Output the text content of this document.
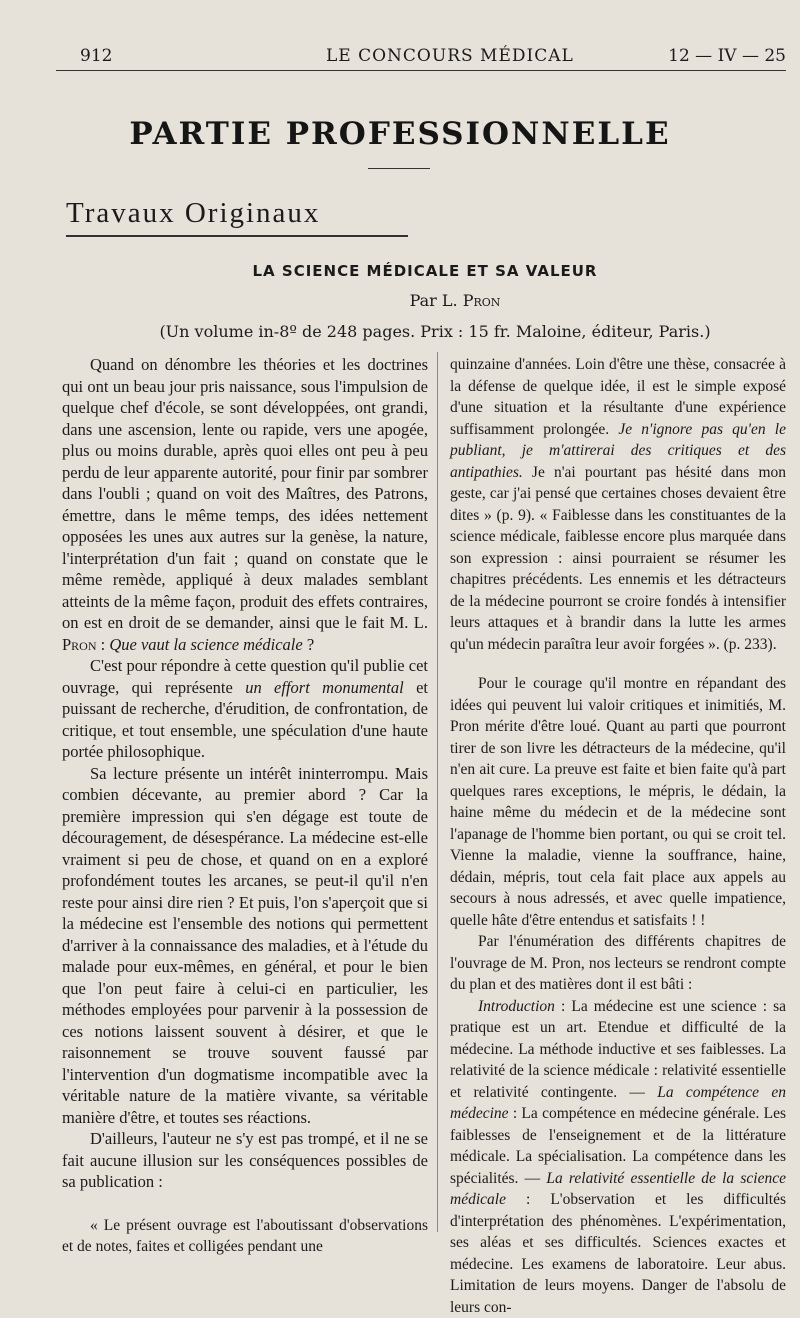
912	LE CONCOURS MÉDICAL	12 — IV — 25
PARTIE PROFESSIONNELLE
Travaux Originaux
LA SCIENCE MÉDICALE ET SA VALEUR
Par L. Pron
(Un volume in-8º de 248 pages. Prix : 15 fr. Maloine, éditeur, Paris.)

Quand on dénombre les théories et les doctrines qui ont un beau jour pris naissance, sous l'impulsion de quelque chef d'école, se sont développées, ont grandi, dans une ascension, lente ou rapide, vers une apogée, plus ou moins durable, après quoi elles ont peu à peu perdu de leur apparente autorité, pour finir par sombrer dans l'oubli ; quand on voit des Maîtres, des Patrons, émettre, dans le même temps, des idées nettement opposées les unes aux autres sur la genèse, la nature, l'interprétation d'un fait ; quand on constate que le même remède, appliqué à deux malades semblant atteints de la même façon, produit des effets contraires, on est en droit de se demander, ainsi que le fait M. L. Pron : Que vaut la science médicale ?

C'est pour répondre à cette question qu'il publie cet ouvrage, qui représente un effort monumental et puissant de recherche, d'érudition, de confrontation, de critique, et tout ensemble, une spéculation d'une haute portée philosophique.

Sa lecture présente un intérêt ininterrompu. Mais combien décevante, au premier abord ? Car la première impression qui s'en dégage est toute de découragement, de désespérance. La médecine est-elle vraiment si peu de chose, et quand on en a exploré profondément toutes les arcanes, se peut-il qu'il n'en reste pour ainsi dire rien ? Et puis, l'on s'aperçoit que si la médecine est l'ensemble des notions qui permettent d'arriver à la connaissance des maladies, et à l'étude du malade pour eux-mêmes, en général, et pour le bien que l'on peut faire à celui-ci en particulier, les méthodes employées pour parvenir à la possession de ces notions laissent souvent à désirer, et que le raisonnement se trouve souvent faussé par l'intervention d'un dogmatisme incompatible avec la véritable nature de la matière vivante, sa véritable manière d'être, et toutes ses réactions.

D'ailleurs, l'auteur ne s'y est pas trompé, et il ne se fait aucune illusion sur les conséquences possibles de sa publication :

« Le présent ouvrage est l'aboutissant d'observations et de notes, faites et colligées pendant une

quinzaine d'années. Loin d'être une thèse, consacrée à la défense de quelque idée, il est le simple exposé d'une situation et la résultante d'une expérience suffisamment prolongée. Je n'ignore pas qu'en le publiant, je m'attirerai des critiques et des antipathies. Je n'ai pourtant pas hésité dans mon geste, car j'ai pensé que certaines choses devaient être dites » (p. 9). « Faiblesse dans les constituantes de la science médicale, faiblesse encore plus marquée dans son expression : ainsi pourraient se résumer les chapitres précédents. Les ennemis et les détracteurs de la médecine pourront se croire fondés à intensifier leurs attaques et à brandir dans la lutte les armes qu'un médecin paraîtra leur avoir forgées ». (p. 233).

Pour le courage qu'il montre en répandant des idées qui peuvent lui valoir critiques et inimitiés, M. Pron mérite d'être loué. Quant au parti que pourront tirer de son livre les détracteurs de la médecine, qu'il n'en ait cure. La preuve est faite et bien faite qu'à part quelques rares exceptions, le mépris, le dédain, la haine même du médecin et de la médecine sont l'apanage de l'homme bien portant, ou qui se croit tel. Vienne la maladie, vienne la souffrance, haine, dédain, mépris, tout cela fait place aux appels au secours à nous adressés, et avec quelle impatience, quelle hâte d'être entendus et satisfaits ! !

Par l'énumération des différents chapitres de l'ouvrage de M. Pron, nos lecteurs se rendront compte du plan et des matières dont il est bâti :

Introduction : La médecine est une science : sa pratique est un art. Etendue et difficulté de la médecine. La méthode inductive et ses faiblesses. La relativité de la science médicale : relativité essentielle et relativité contingente. — La compétence en médecine : La compétence en médecine générale. Les faiblesses de l'enseignement et de la littérature médicale. La spécialisation. La compétence dans les spécialités. — La relativité essentielle de la science médicale : L'observation et les difficultés d'interprétation des phénomènes. L'expérimentation, ses aléas et ses difficultés. Sciences exactes et médecine. Les examens de laboratoire. Leur abus. Limitation de leurs moyens. Danger de l'absolu de leurs con-
